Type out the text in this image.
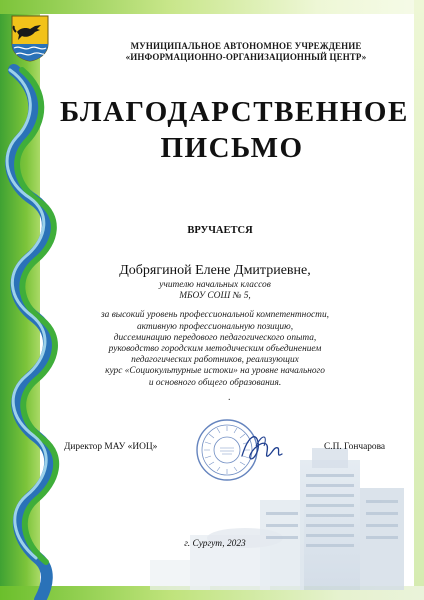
МУНИЦИПАЛЬНОЕ АВТОНОМНОЕ УЧРЕЖДЕНИЕ
«ИНФОРМАЦИОННО-ОРГАНИЗАЦИОННЫЙ ЦЕНТР»
БЛАГОДАРСТВЕННОЕ
ПИСЬМО
ВРУЧАЕТСЯ
Добрягиной Елене Дмитриевне,
учителю начальных классов
МБОУ СОШ № 5,
за высокий уровень профессиональной компетентности,
активную профессиональную позицию,
диссеминацию передового педагогического опыта,
руководство городским методическим объединением
педагогических работников, реализующих
курс «Социокультурные истоки» на уровне начального
и основного общего образования.
.
Директор МАУ «ИОЦ»	С.П. Гончарова
г. Сургут, 2023
